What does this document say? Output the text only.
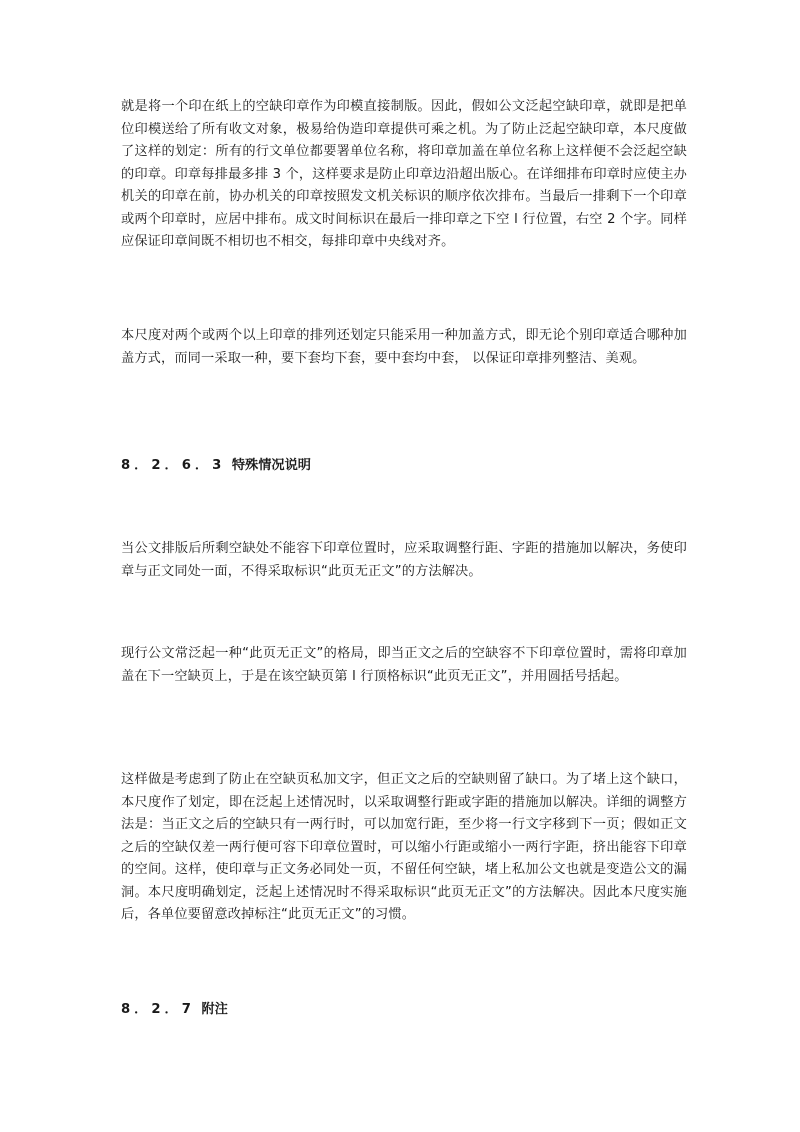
就是将一个印在纸上的空缺印章作为印模直接制版。因此，假如公文泛起空缺印章，就即是把单位印模送给了所有收文对象，极易给伪造印章提供可乘之机。为了防止泛起空缺印章，本尺度做了这样的划定：所有的行文单位都要署单位名称，将印章加盖在单位名称上这样便不会泛起空缺的印章。印章每排最多排 3 个，这样要求是防止印章边沿超出版心。在详细排布印章时应使主办机关的印章在前，协办机关的印章按照发文机关标识的顺序依次排布。当最后一排剩下一个印章或两个印章时，应居中排布。成文时间标识在最后一排印章之下空 l 行位置，右空 2 个字。同样应保证印章间既不相切也不相交，每排印章中央线对齐。

本尺度对两个或两个以上印章的排列还划定只能采用一种加盖方式，即无论个别印章适合哪种加盖方式，而同一采取一种，要下套均下套，要中套均中套， 以保证印章排列整洁、美观。

8．2．6．3 特殊情况说明

当公文排版后所剩空缺处不能容下印章位置时，应采取调整行距、字距的措施加以解决，务使印章与正文同处一面，不得采取标识“此页无正文”的方法解决。

现行公文常泛起一种“此页无正文”的格局，即当正文之后的空缺容不下印章位置时，需将印章加盖在下一空缺页上，于是在该空缺页第 l 行顶格标识“此页无正文”，并用圆括号括起。

这样做是考虑到了防止在空缺页私加文字，但正文之后的空缺则留了缺口。为了堵上这个缺口，本尺度作了划定，即在泛起上述情况时，以采取调整行距或字距的措施加以解决。详细的调整方法是：当正文之后的空缺只有一两行时，可以加宽行距，至少将一行文字移到下一页；假如正文之后的空缺仅差一两行便可容下印章位置时，可以缩小行距或缩小一两行字距，挤出能容下印章的空间。这样，使印章与正文务必同处一页，不留任何空缺，堵上私加公文也就是变造公文的漏洞。本尺度明确划定，泛起上述情况时不得采取标识“此页无正文”的方法解决。因此本尺度实施后，各单位要留意改掉标注“此页无正文”的习惯。

8．2．7 附注
